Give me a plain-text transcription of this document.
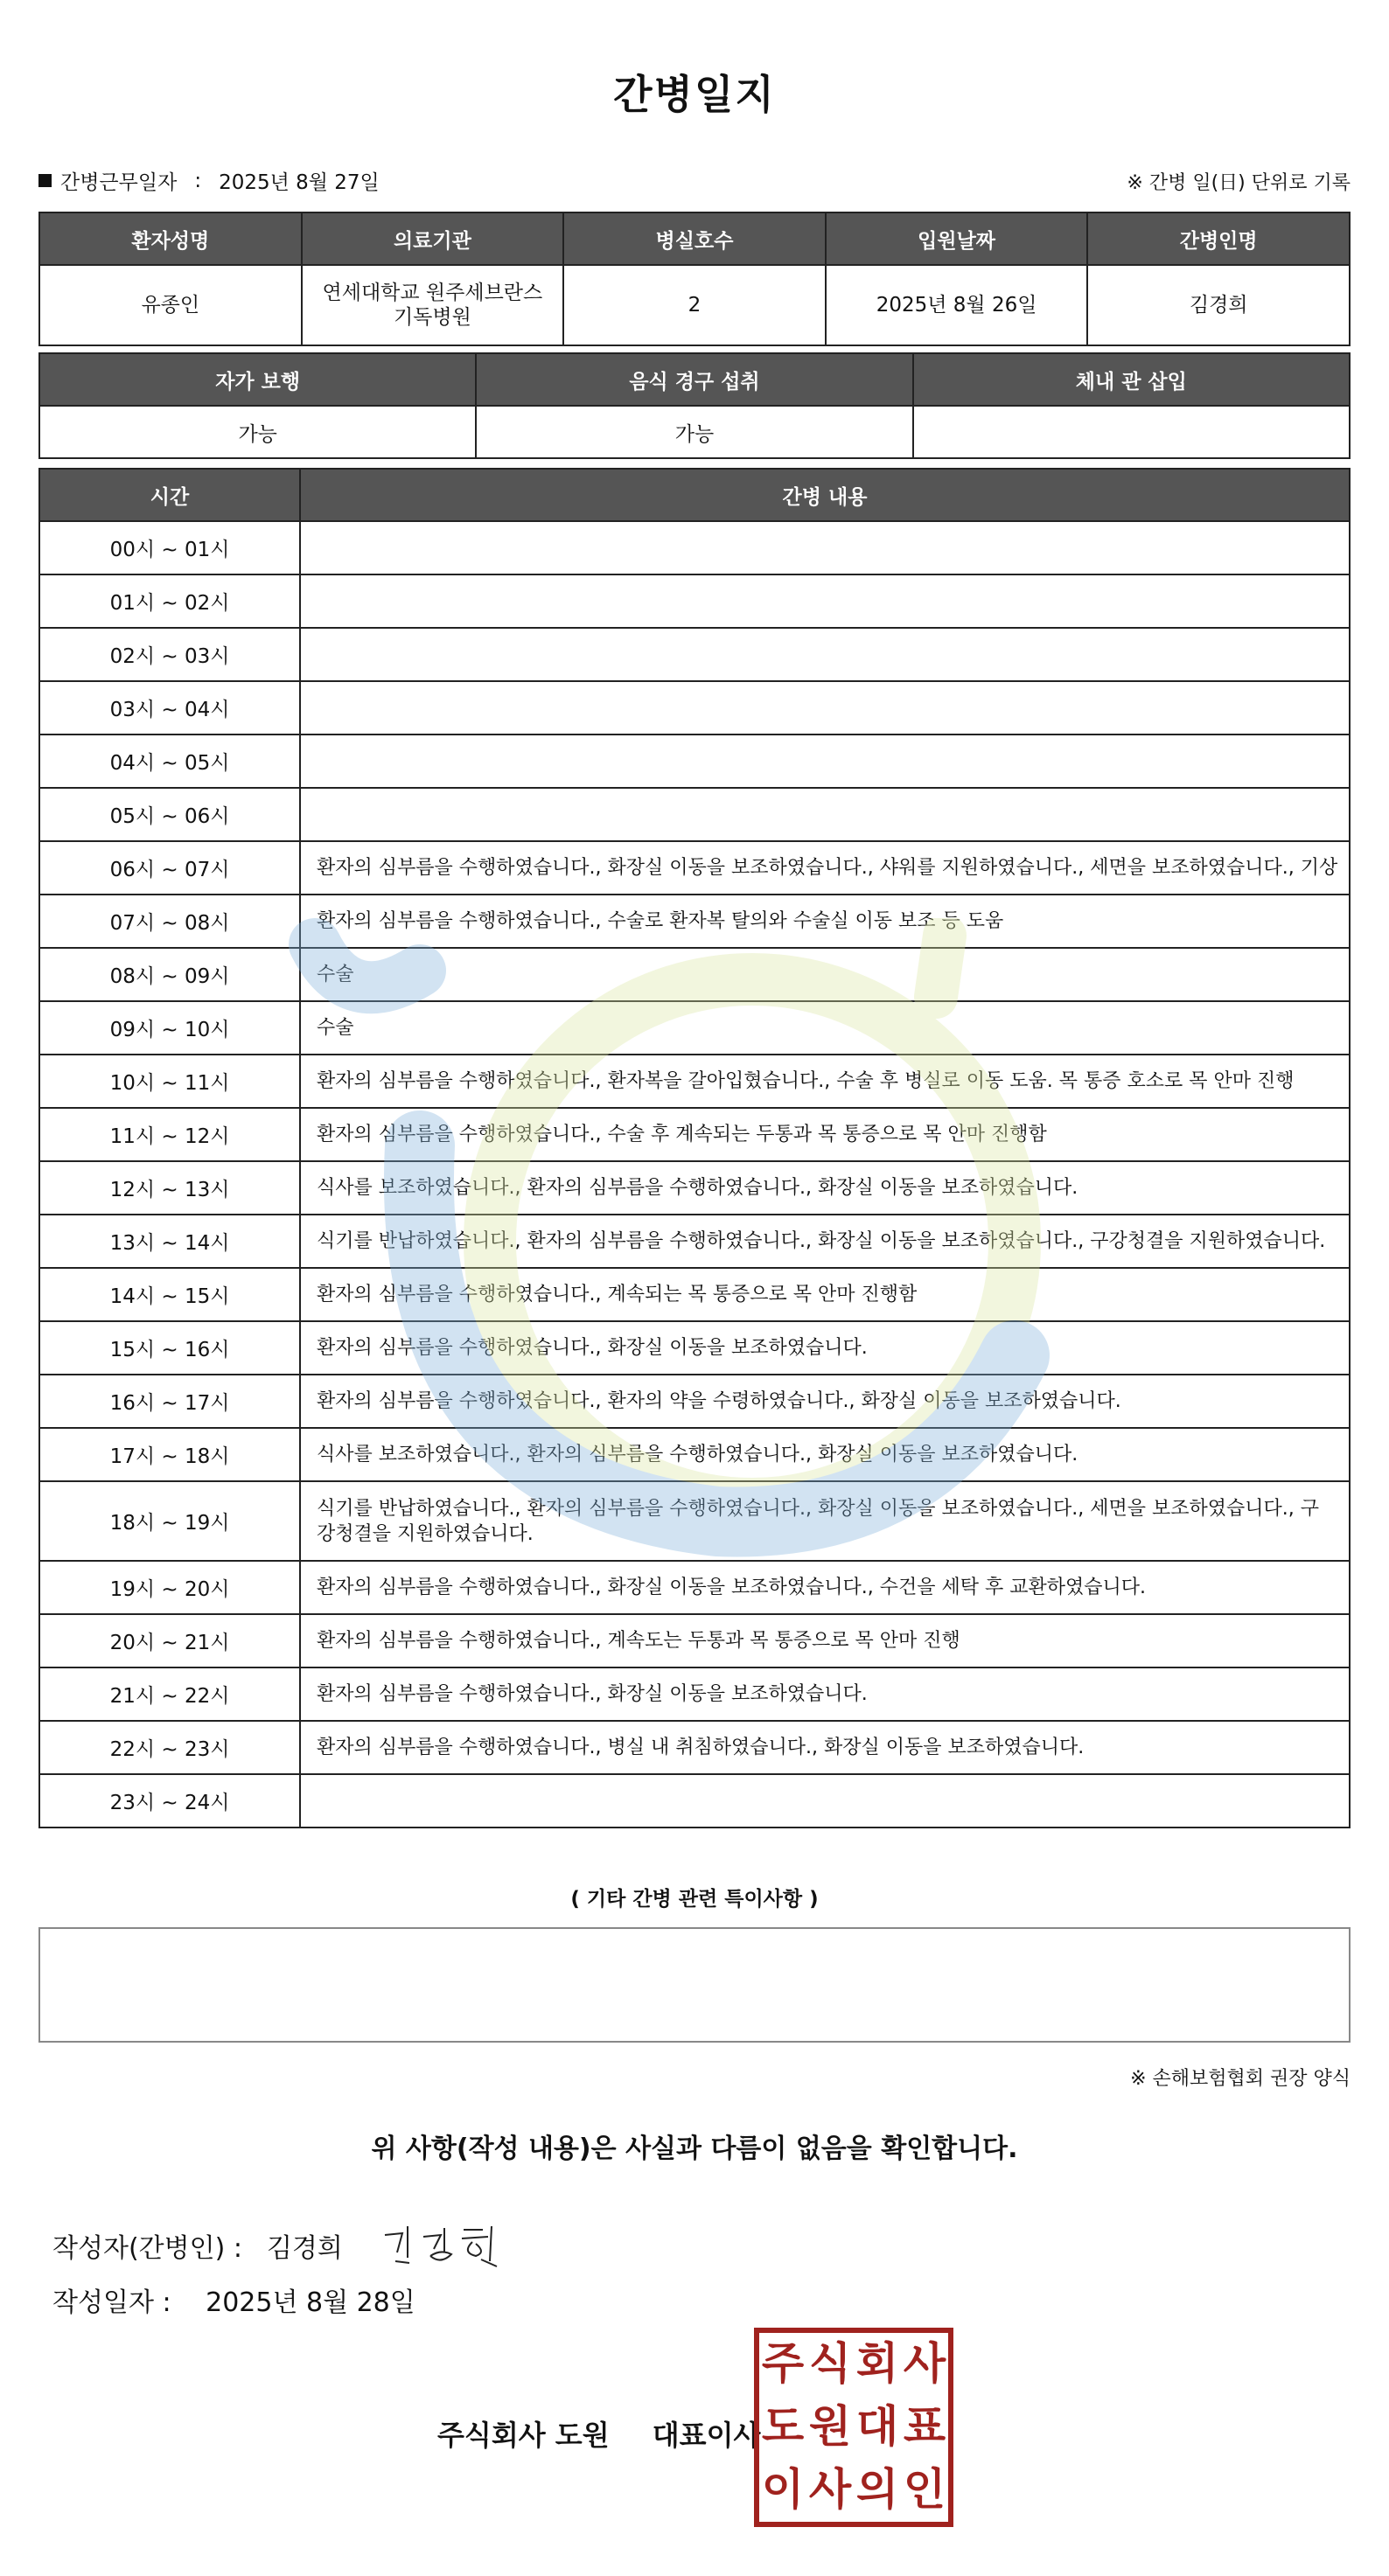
간병일지
간병근무일자 : 2025년 8월 27일	※ 간병 일(日) 단위로 기록
환자성명	의료기관	병실호수	입원날짜	간병인명
유종인	연세대학교 원주세브란스기독병원	2	2025년 8월 26일	김경희
자가 보행	음식 경구 섭취	체내 관 삽입
가능	가능	
시간	간병 내용
00시 ~ 01시	
01시 ~ 02시	
02시 ~ 03시	
03시 ~ 04시	
04시 ~ 05시	
05시 ~ 06시	
06시 ~ 07시	환자의 심부름을 수행하였습니다., 화장실 이동을 보조하였습니다., 샤워를 지원하였습니다., 세면을 보조하였습니다., 기상
07시 ~ 08시	환자의 심부름을 수행하였습니다., 수술로 환자복 탈의와 수술실 이동 보조 등 도움
08시 ~ 09시	수술
09시 ~ 10시	수술
10시 ~ 11시	환자의 심부름을 수행하였습니다., 환자복을 갈아입혔습니다., 수술 후 병실로 이동 도움. 목 통증 호소로 목 안마 진행
11시 ~ 12시	환자의 심부름을 수행하였습니다., 수술 후 계속되는 두통과 목 통증으로 목 안마 진행함
12시 ~ 13시	식사를 보조하였습니다., 환자의 심부름을 수행하였습니다., 화장실 이동을 보조하였습니다.
13시 ~ 14시	식기를 반납하였습니다., 환자의 심부름을 수행하였습니다., 화장실 이동을 보조하였습니다., 구강청결을 지원하였습니다.
14시 ~ 15시	환자의 심부름을 수행하였습니다., 계속되는 목 통증으로 목 안마 진행함
15시 ~ 16시	환자의 심부름을 수행하였습니다., 화장실 이동을 보조하였습니다.
16시 ~ 17시	환자의 심부름을 수행하였습니다., 환자의 약을 수령하였습니다., 화장실 이동을 보조하였습니다.
17시 ~ 18시	식사를 보조하였습니다., 환자의 심부름을 수행하였습니다., 화장실 이동을 보조하였습니다.
18시 ~ 19시	식기를 반납하였습니다., 환자의 심부름을 수행하였습니다., 화장실 이동을 보조하였습니다., 세면을 보조하였습니다., 구강청결을 지원하였습니다.
19시 ~ 20시	환자의 심부름을 수행하였습니다., 화장실 이동을 보조하였습니다., 수건을 세탁 후 교환하였습니다.
20시 ~ 21시	환자의 심부름을 수행하였습니다., 계속도는 두통과 목 통증으로 목 안마 진행
21시 ~ 22시	환자의 심부름을 수행하였습니다., 화장실 이동을 보조하였습니다.
22시 ~ 23시	환자의 심부름을 수행하였습니다., 병실 내 취침하였습니다., 화장실 이동을 보조하였습니다.
23시 ~ 24시	
( 기타 간병 관련 특이사항 )
※ 손해보험협회 권장 양식
위 사항(작성 내용)은 사실과 다름이 없음을 확인합니다.
작성자(간병인) : 김경희
작성일자 : 2025년 8월 28일
주식회사 도원 대표이사
주 식 회 사
도 원 대 표
이 사 의 인
